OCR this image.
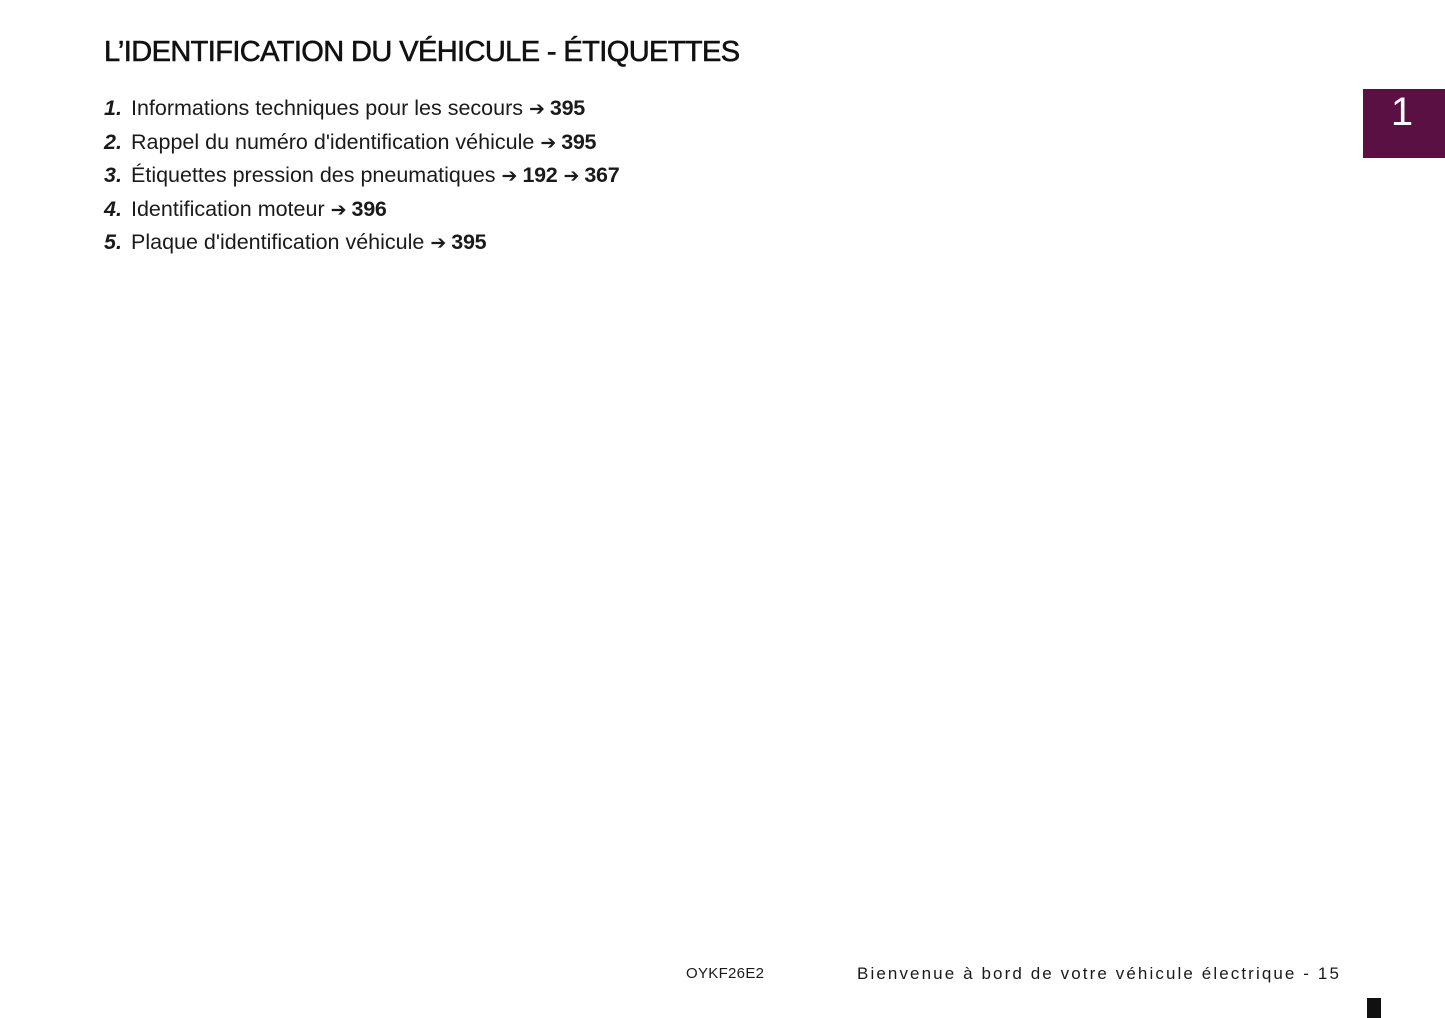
L’IDENTIFICATION DU VÉHICULE - ÉTIQUETTES
1. Informations techniques pour les secours ➔ 395
2. Rappel du numéro d'identification véhicule ➔ 395
3. Étiquettes pression des pneumatiques ➔ 192 ➔ 367
4. Identification moteur ➔ 396
5. Plaque d'identification véhicule ➔ 395
1
OYKF26E2	Bienvenue à bord de votre véhicule électrique - 15
